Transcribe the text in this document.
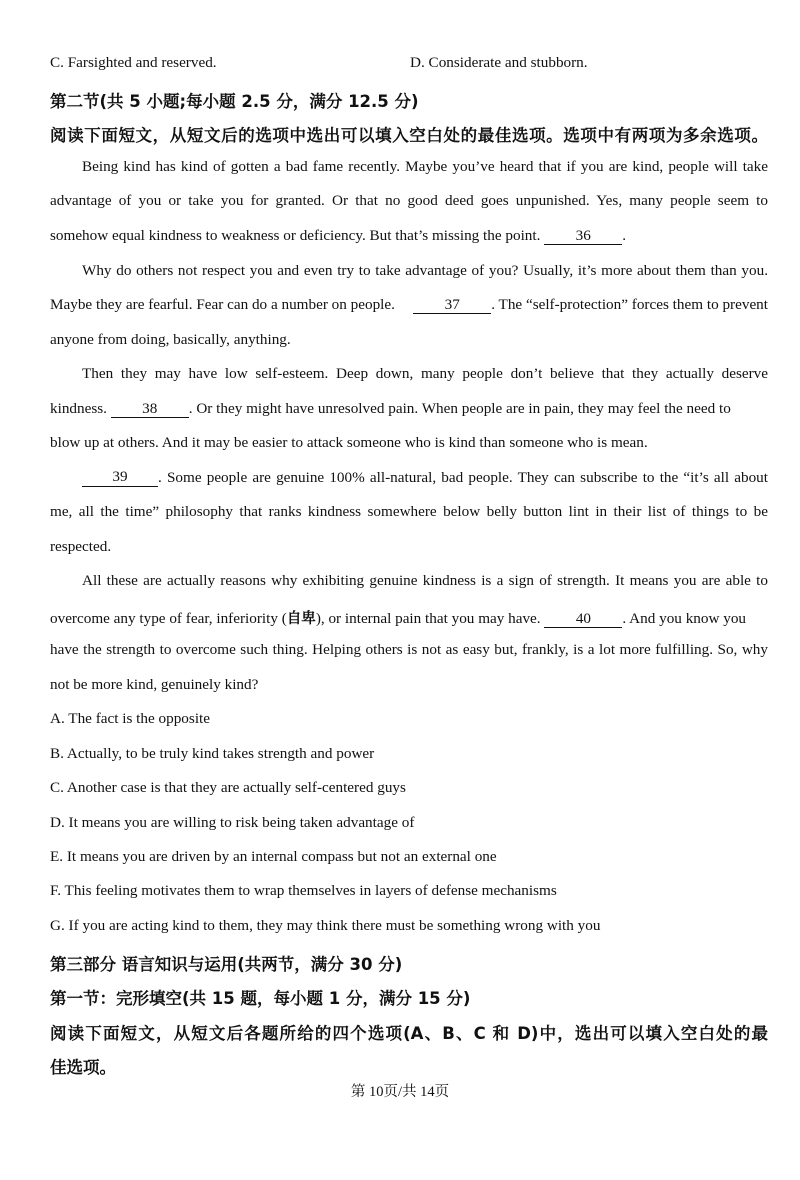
C. Farsighted and reserved.	D. Considerate and stubborn.
第二节(共 5 小题;每小题 2.5 分，满分 12.5 分)
阅读下面短文，从短文后的选项中选出可以填入空白处的最佳选项。选项中有两项为多余选项。
Being kind has kind of gotten a bad fame recently. Maybe you’ve heard that if you are kind, people will take
advantage of you or take you for granted. Or that no good deed goes unpunished. Yes, many people seem to
somehow equal kindness to weakness or deficiency. But that’s missing the point. 36 .
Why do others not respect you and even try to take advantage of you? Usually, it’s more about them than you.
Maybe they are fearful. Fear can do a number on people.	37 . The “self-protection” forces them to prevent
anyone from doing, basically, anything.
Then they may have low self-esteem. Deep down, many people don’t believe that they actually deserve
kindness. 38 . Or they might have unresolved pain. When people are in pain, they may feel the need to
blow up at others. And it may be easier to attack someone who is kind than someone who is mean.
39	. Some people are genuine 100% all-natural, bad people. They can subscribe to the “it’s all about
me, all the time” philosophy that ranks kindness somewhere below belly button lint in their list of things to be
respected.
All these are actually reasons why exhibiting genuine kindness is a sign of strength. It means you are able to
overcome any type of fear, inferiority (自卑), or internal pain that you may have. 40 . And you know you
have the strength to overcome such thing. Helping others is not as easy but, frankly, is a lot more fulfilling. So, why
not be more kind, genuinely kind?
A. The fact is the opposite
B. Actually, to be truly kind takes strength and power
C. Another case is that they are actually self-centered guys
D. It means you are willing to risk being taken advantage of
E. It means you are driven by an internal compass but not an external one
F. This feeling motivates them to wrap themselves in layers of defense mechanisms
G. If you are acting kind to them, they may think there must be something wrong with you
第三部分 语言知识与运用(共两节，满分 30 分)
第一节：完形填空(共 15 题，每小题 1 分，满分 15 分)
阅读下面短文，从短文后各题所给的四个选项(A、B、C 和 D)中，选出可以填入空白处的最
佳选项。
第 10页/共 14页
